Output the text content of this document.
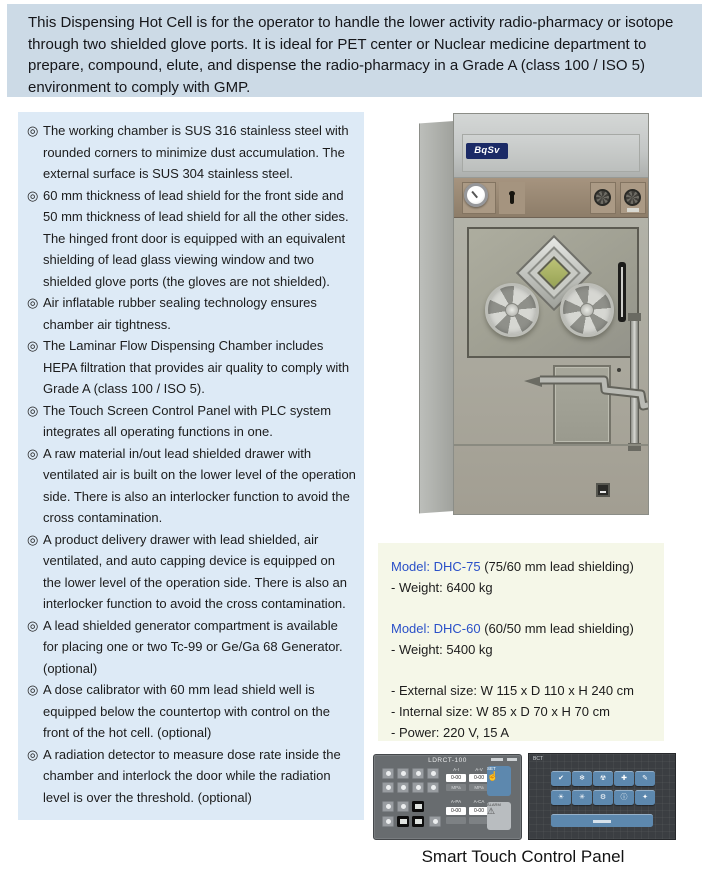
This Dispensing Hot Cell is for the operator to handle the lower activity radio-pharmacy or isotope through two shielded glove ports. It is ideal for PET center or Nuclear medicine department to prepare, compound, elute, and dispense the radio-pharmacy in a Grade A (class 100 / ISO 5) environment to comply with GMP.
◎ The working chamber is SUS 316 stainless steel with rounded corners to minimize dust accumulation. The external surface is SUS 304 stainless steel.
◎ 60 mm thickness of lead shield for the front side and 50 mm thickness of lead shield for all the other sides. The hinged front door is equipped with an equivalent shielding of lead glass viewing window and two shielded glove ports (the gloves are not shielded).
◎ Air inflatable rubber sealing technology ensures chamber air tightness.
◎ The Laminar Flow Dispensing Chamber includes HEPA filtration that provides air quality to comply with Grade A (class 100 / ISO 5).
◎ The Touch Screen Control Panel with PLC system integrates all operating functions in one.
◎ A raw material in/out lead shielded drawer with ventilated air is built on the lower level of the operation side. There is also an interlocker function to avoid the cross contamination.
◎ A product delivery drawer with lead shielded, air ventilated, and auto capping device is equipped on the lower level of the operation side. There is also an interlocker function to avoid the cross contamination.
◎ A lead shielded generator compartment is available for placing one or two Tc-99 or Ge/Ga 68 Generator. (optional)
◎ A dose calibrator with 60 mm lead shield well is equipped below the countertop with control on the front of the hot cell. (optional)
◎ A radiation detector to measure dose rate inside the chamber and interlock the door while the radiation level is over the threshold. (optional)
BqSv
Model: DHC-75 (75/60 mm lead shielding)
- Weight: 6400 kg
Model: DHC-60 (60/50 mm lead shielding)
- Weight: 5400 kg
- External size: W 115 x D 110 x H 240 cm
- Internal size: W 85 x D 70 x H 70 cm
- Power: 220 V, 15 A
LDRCT-100
A-I	A-V
0-00	0-00
MPa	MPa
A-PA	A-CA
0-00	0-00
☝
SET
⚠
ALARM
BCT
✔	❄	☢	✚	✎
☀	✳	⚙	ⓘ	✦
Smart Touch Control Panel
